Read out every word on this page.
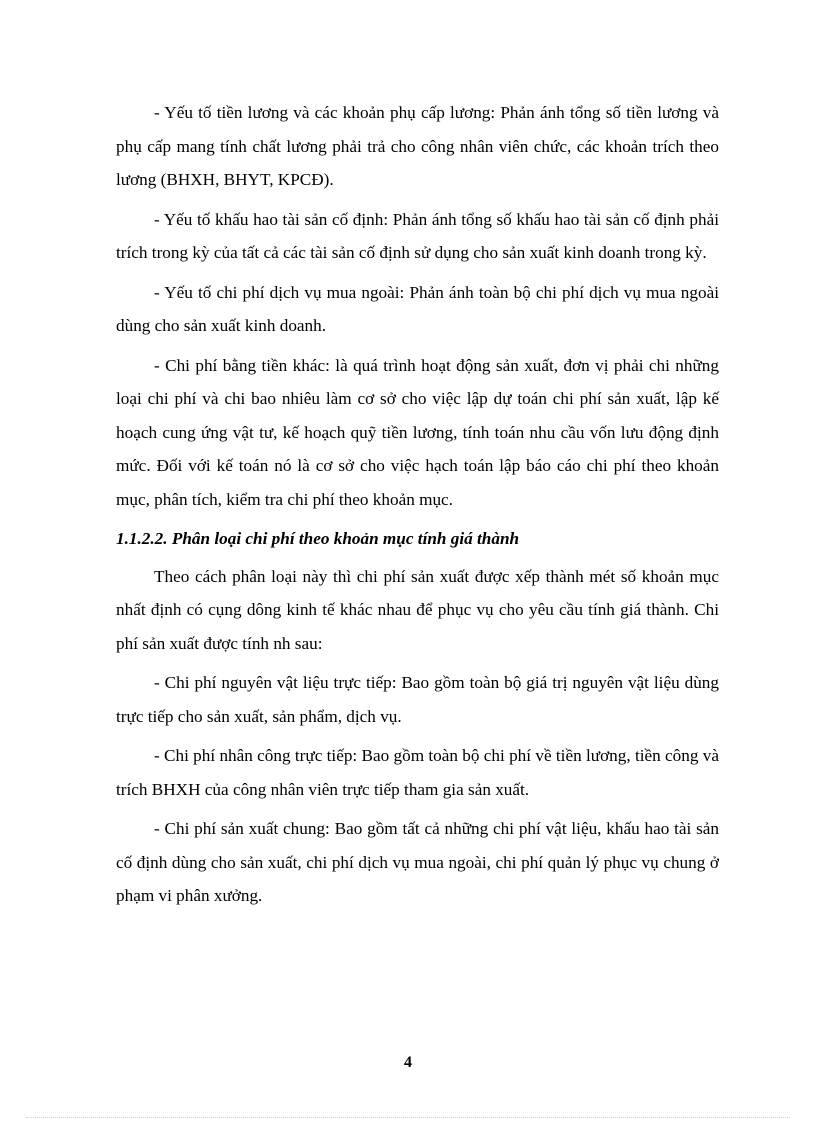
- Yếu tố tiền lương và các khoản phụ cấp lương: Phản ánh tổng số tiền lương và phụ cấp mang tính chất lương phải trả cho công nhân viên chức, các khoản trích theo lương (BHXH, BHYT, KPCĐ).

- Yếu tố khấu hao tài sản cố định: Phản ánh tổng số khấu hao tài sản cố định phải trích trong kỳ của tất cả các tài sản cố định sử dụng cho sản xuất kinh doanh trong kỳ.

- Yếu tố chi phí dịch vụ mua ngoài: Phản ánh toàn bộ chi phí dịch vụ mua ngoài dùng cho sản xuất kinh doanh.

- Chi phí bằng tiền khác: là quá trình hoạt động sản xuất, đơn vị phải chi những loại chi phí và chi bao nhiêu làm cơ sở cho việc lập dự toán chi phí sản xuất, lập kế hoạch cung ứng vật tư, kế hoạch quỹ tiền lương, tính toán nhu cầu vốn lưu động định mức. Đối với kế toán nó là cơ sở cho việc hạch toán lập báo cáo chi phí theo khoản mục, phân tích, kiểm tra chi phí theo khoản mục.

1.1.2.2. Phân loại chi phí theo khoản mục tính giá thành

Theo cách phân loại này thì chi phí sản xuất được xếp thành mét số khoản mục nhất định có cụng dông kinh tế khác nhau để phục vụ cho yêu cầu tính giá thành. Chi phí sản xuất được tính nh sau:

- Chi phí nguyên vật liệu trực tiếp: Bao gồm toàn bộ giá trị nguyên vật liệu dùng trực tiếp cho sản xuất, sản phẩm, dịch vụ.

- Chi phí nhân công trực tiếp: Bao gồm toàn bộ chi phí về tiền lương, tiền công và trích BHXH của công nhân viên trực tiếp tham gia sản xuất.

- Chi phí sản xuất chung: Bao gồm tất cả những chi phí vật liệu, khấu hao tài sản cố định dùng cho sản xuất, chi phí dịch vụ mua ngoài, chi phí quản lý phục vụ chung ở phạm vi phân xưởng.

4
